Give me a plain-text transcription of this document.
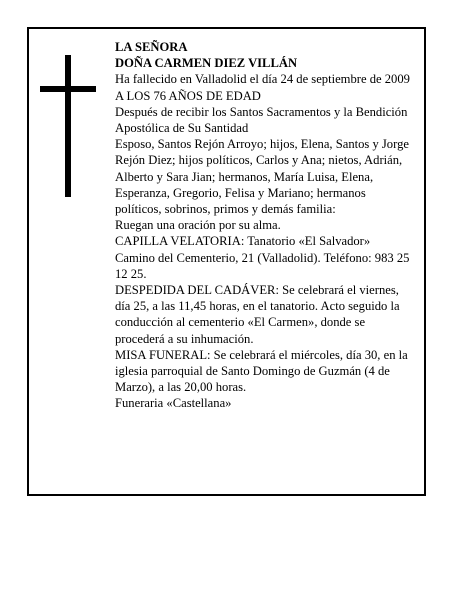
LA SEÑORA

DOÑA CARMEN DIEZ VILLÁN

Ha fallecido en Valladolid el día 24 de septiembre de 2009

A LOS 76 AÑOS DE EDAD

Después de recibir los Santos Sacramentos y la Bendición Apostólica de Su Santidad

Esposo, Santos Rejón Arroyo; hijos, Elena, Santos y Jorge Rejón Diez; hijos políticos, Carlos y Ana; nietos, Adrián, Alberto y Sara Jian; hermanos, María Luisa, Elena, Esperanza, Gregorio, Felisa y Mariano; hermanos políticos, sobrinos, primos y demás familia:

Ruegan una oración por su alma.

CAPILLA VELATORIA: Tanatorio «El Salvador» Camino del Cementerio, 21 (Valladolid). Teléfono: 983 25 12 25.

DESPEDIDA DEL CADÁVER: Se celebrará el viernes, día 25, a las 11,45 horas, en el tanatorio. Acto seguido la conducción al cementerio «El Carmen», donde se procederá a su inhumación.

MISA FUNERAL: Se celebrará el miércoles, día 30, en la iglesia parroquial de Santo Domingo de Guzmán (4 de Marzo), a las 20,00 horas.

Funeraria «Castellana»
